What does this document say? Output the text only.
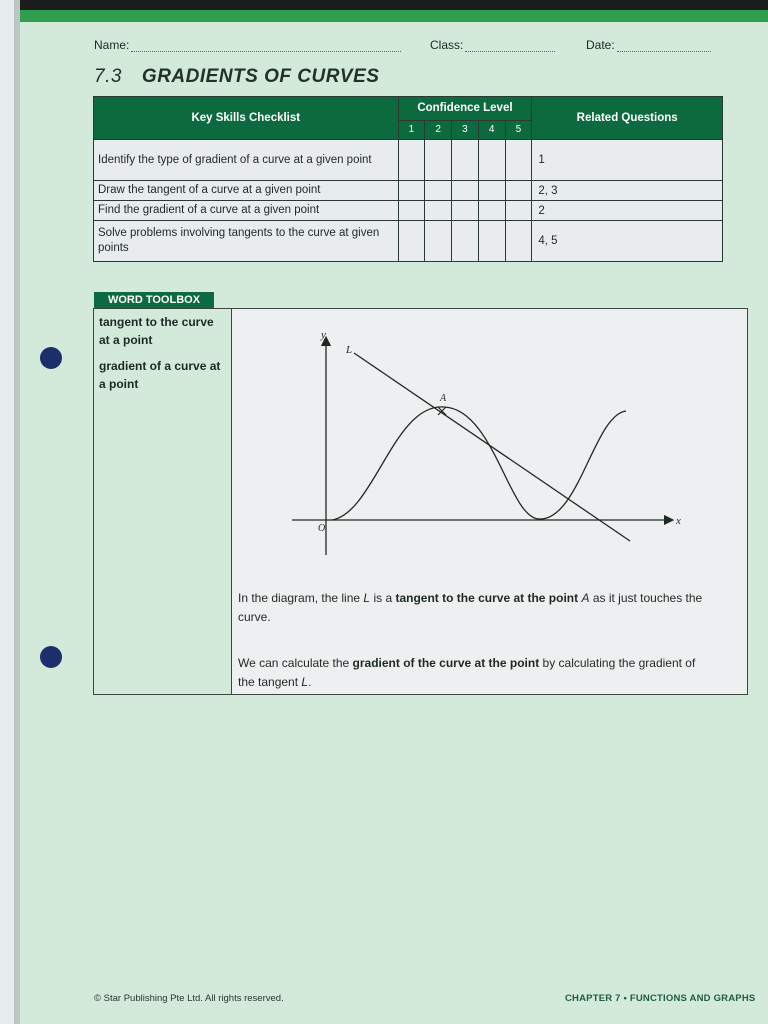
Name:	Class:	Date:
7.3 GRADIENTS OF CURVES
Key Skills Checklist	Confidence Level					Related Questions
	1	2	3	4	5	
Identify the type of gradient of a curve at a given point						1
Draw the tangent of a curve at a given point						2, 3
Find the gradient of a curve at a given point						2
Solve problems involving tangents to the curve at given points						4, 5
WORD TOOLBOX
tangent to the curve at a point
gradient of a curve at a point
y
x
O
L
A
In the diagram, the line L is a tangent to the curve at the point A as it just touches the curve.
We can calculate the gradient of the curve at the point by calculating the gradient of the tangent L.
© Star Publishing Pte Ltd. All rights reserved.	CHAPTER 7 • FUNCTIONS AND GRAPHS
